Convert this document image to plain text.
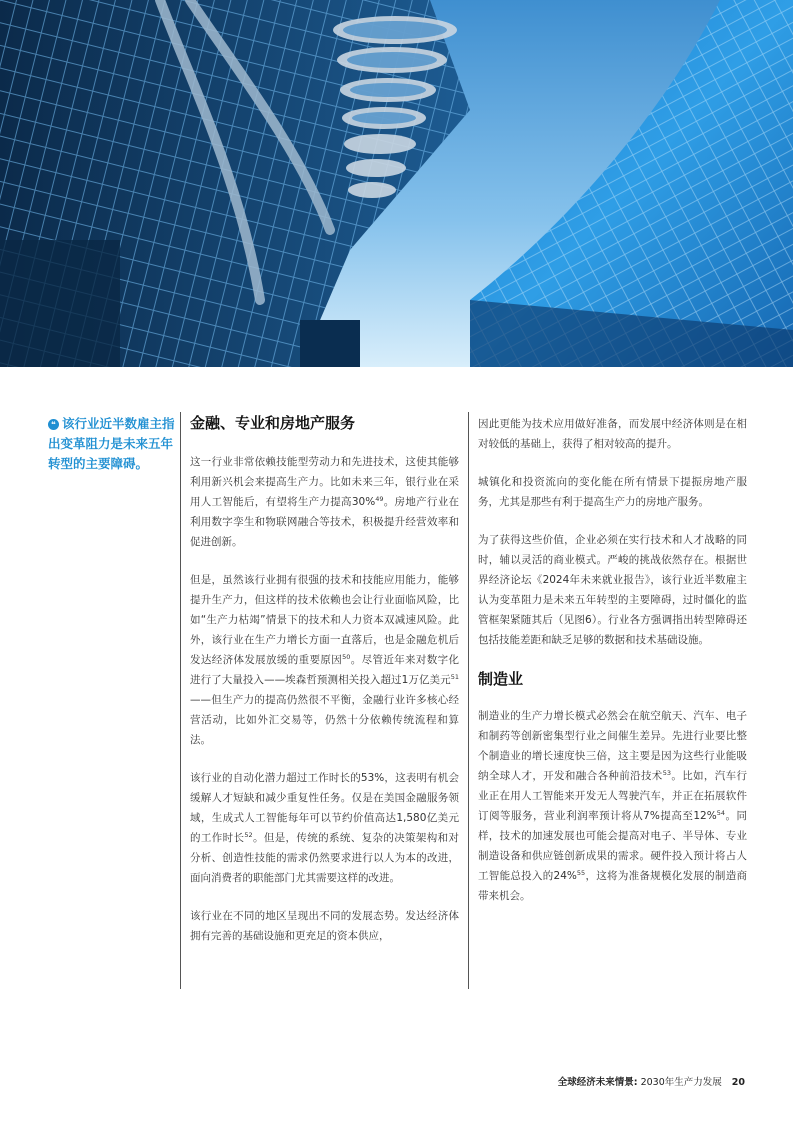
❝ 该行业近半数雇主指出变革阻力是未来五年转型的主要障碍。
金融、专业和房地产服务

这一行业非常依赖技能型劳动力和先进技术，这使其能够利用新兴机会来提高生产力。比如未来三年，银行业在采用人工智能后，有望将生产力提高30%$^{49}$。房地产行业在利用数字孪生和物联网融合等技术，积极提升经营效率和促进创新。

但是，虽然该行业拥有很强的技术和技能应用能力，能够提升生产力，但这样的技术依赖也会让行业面临风险，比如“生产力枯竭”情景下的技术和人力资本双减速风险。此外，该行业在生产力增长方面一直落后，也是金融危机后发达经济体发展放缓的重要原因$^{50}$。尽管近年来对数字化进行了大量投入——埃森哲预测相关投入超过1万亿美元$^{51}$——但生产力的提高仍然很不平衡，金融行业许多核心经营活动，比如外汇交易等，仍然十分依赖传统流程和算法。

该行业的自动化潜力超过工作时长的53%，这表明有机会缓解人才短缺和减少重复性任务。仅是在美国金融服务领域，生成式人工智能每年可以节约价值高达1,580亿美元的工作时长$^{52}$。但是，传统的系统、复杂的决策架构和对分析、创造性技能的需求仍然要求进行以人为本的改进，面向消费者的职能部门尤其需要这样的改进。

该行业在不同的地区呈现出不同的发展态势。发达经济体拥有完善的基础设施和更充足的资本供应，

因此更能为技术应用做好准备，而发展中经济体则是在相对较低的基础上，获得了相对较高的提升。

城镇化和投资流向的变化能在所有情景下提振房地产服务，尤其是那些有利于提高生产力的房地产服务。

为了获得这些价值，企业必须在实行技术和人才战略的同时，辅以灵活的商业模式。严峻的挑战依然存在。根据世界经济论坛《2024年未来就业报告》，该行业近半数雇主认为变革阻力是未来五年转型的主要障碍，过时僵化的监管框架紧随其后（见图6）。行业各方强调指出转型障碍还包括技能差距和缺乏足够的数据和技术基础设施。

制造业

制造业的生产力增长模式必然会在航空航天、汽车、电子和制药等创新密集型行业之间催生差异。先进行业要比整个制造业的增长速度快三倍，这主要是因为这些行业能吸纳全球人才，开发和融合各种前沿技术$^{53}$。比如，汽车行业正在用人工智能来开发无人驾驶汽车，并正在拓展软件订阅等服务，营业利润率预计将从7%提高至12%$^{54}$。同样，技术的加速发展也可能会提高对电子、半导体、专业制造设备和供应链创新成果的需求。硬件投入预计将占人工智能总投入的24%$^{55}$，这将为准备规模化发展的制造商带来机会。

全球经济未来情景: 2030年生产力发展 20
